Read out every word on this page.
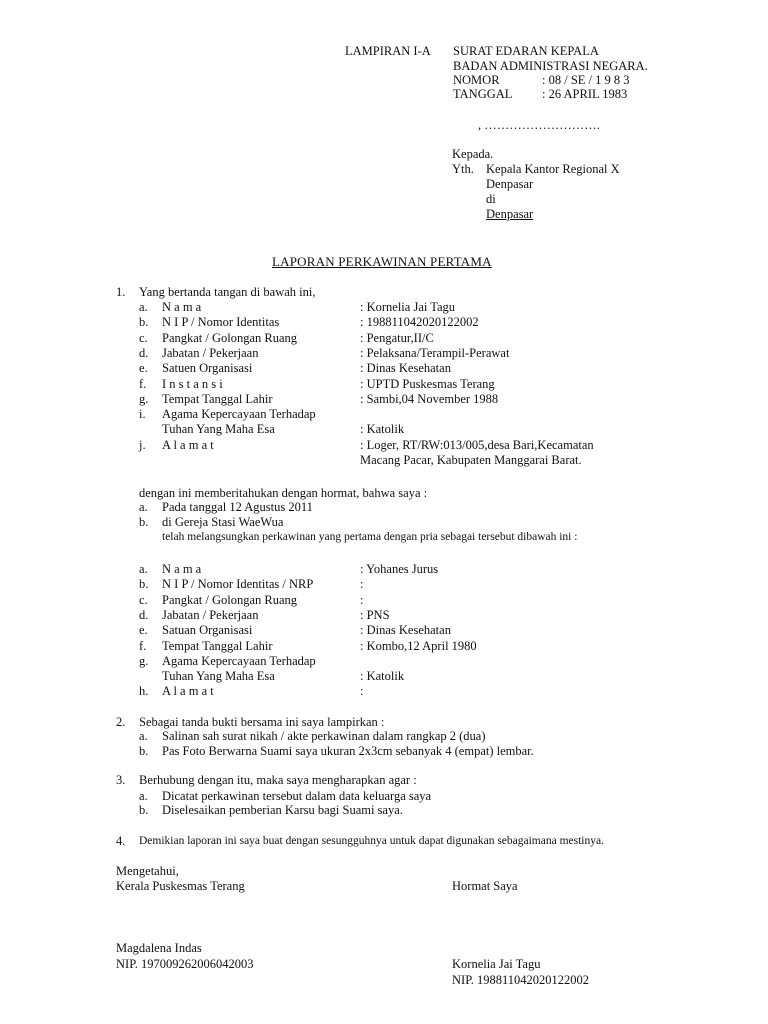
LAMPIRAN I-A SURAT EDARAN KEPALA
BADAN ADMINISTRASI NEGARA.
NOMOR	: 08 / SE / 1 9 8 3
TANGGAL : 26 APRIL 1983
, ……………………….
Kepada.
Yth. Kepala Kantor Regional X
Denpasar
di
Denpasar
LAPORAN PERKAWINAN PERTAMA
1. Yang bertanda tangan di bawah ini,
a. N a m a	: Kornelia Jai Tagu
b. N I P / Nomor Identitas	: 198811042020122002
c. Pangkat / Golongan Ruang	: Pengatur,II/C
d. Jabatan / Pekerjaan	: Pelaksana/Terampil-Perawat
e. Satuen Organisasi	: Dinas Kesehatan
f. I n s t a n s i	: UPTD Puskesmas Terang
g. Tempat Tanggal Lahir	: Sambi,04 November 1988
i. Agama Kepercayaan Terhadap
Tuhan Yang Maha Esa	: Katolik
j. A l a m a t	: Loger, RT/RW:013/005,desa Bari,Kecamatan
Macang Pacar, Kabupaten Manggarai Barat.
dengan ini memberitahukan dengan hormat, bahwa saya :
a. Pada tanggal 12 Agustus 2011
b. di Gereja Stasi WaeWua
telah melangsungkan perkawinan yang pertama dengan pria sebagai tersebut dibawah ini :
a. N a m a	: Yohanes Jurus
b. N I P / Nomor Identitas / NRP	:
c. Pangkat / Golongan Ruang	:
d. Jabatan / Pekerjaan	: PNS
e. Satuan Organisasi	: Dinas Kesehatan
f. Tempat Tanggal Lahir	: Kombo,12 April 1980
g. Agama Kepercayaan Terhadap
Tuhan Yang Maha Esa	: Katolik
h. A l a m a t	:
2. Sebagai tanda bukti bersama ini saya lampirkan :
a. Salinan sah surat nikah / akte perkawinan dalam rangkap 2 (dua)
b. Pas Foto Berwarna Suami saya ukuran 2x3cm sebanyak 4 (empat) lembar.
3. Berhubung dengan itu, maka saya mengharapkan agar :
a. Dicatat perkawinan tersebut dalam data keluarga saya
b. Diselesaikan pemberian Karsu bagi Suami saya.
4. Demikian laporan ini saya buat dengan sesungguhnya untuk dapat digunakan sebagaimana mestinya.
Mengetahui,
Kerala Puskesmas Terang	Hormat Saya
Magdalena Indas
NIP. 197009262006042003	Kornelia Jai Tagu
NIP. 198811042020122002
